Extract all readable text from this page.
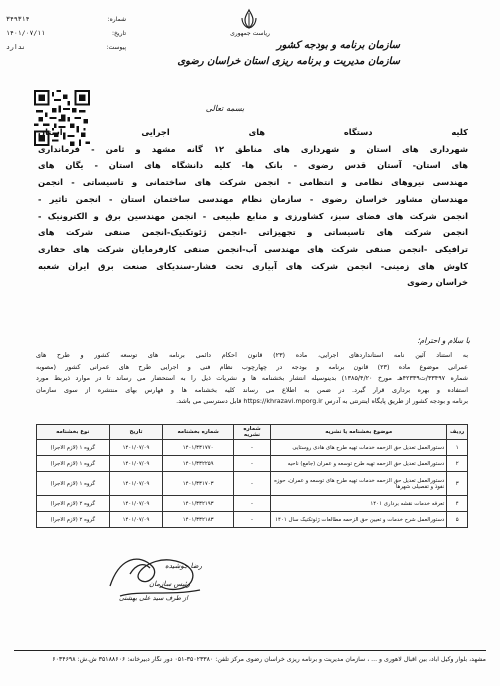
ریاست جمهوری
سازمان برنامه و بودجه کشور
سازمان مدیریت و برنامه ریزی استان خراسان رضوی
شماره:
۳۴۹۳۱۴
تاریخ:
۱۴۰۱/۰۷/۱۱
پیوست:
ندارد
بسمه تعالی
کلیه دستگاه های اجرایی استان
شهرداری های استان و شهرداری های مناطق ۱۲ گانه مشهد و ثامن - فرمانداری
های استان- آستان قدس رضوی - بانک ها- کلیه دانشگاه های استان - یگان های
مهندسی نیروهای نظامی و انتظامی - انجمن شرکت های ساختمانی و تاسیساتی - انجمن
مهندسان مشاور خراسان رضوی - سازمان نظام مهندسی ساختمان استان - انجمن تاثیر -
انجمن شرکت های فضای سبز، کشاورزی و منابع طبیعی - انجمن مهندسین برق و الکترونیک -
انجمن شرکت های تاسیساتی و تجهیزاتی -انجمن ژئوتکنیک-انجمن صنفی شرکت های
ترافیکی -انجمن صنفی شرکت های مهندسی آب-انجمن صنفی کارفرمایان شرکت های حفاری
کاوش های زمینی- انجمن شرکت های آبیاری تحت فشار-سندیکای صنعت برق ایران شعبه
خراسان رضوی
با سلام و احترام؛
به استناد آئین نامه استانداردهای اجرایی، ماده (۲۳) قانون احکام دائمی برنامه های توسعه کشور و طرح های
عمرانی موضوع ماده (۲۳) قانون برنامه و بودجه در چهارچوب نظام فنی و اجرایی طرح های عمرانی کشور (مصوبه
شماره ۳۳۴۹۷/ت۴۲۳۳۹هـ مورخ ۱۳۸۵/۴/۲۰) بدینوسیله انتشار بخشنامه ها و نشریات ذیل را به استحضار می رساند تا در موارد ذیربط مورد
استفاده و بهره برداری قرار گیرد. در ضمن به اطلاع می رساند کلیه بخشنامه ها و فهارس بهای منتشره از سوی سازمان
برنامه و بودجه کشور از طریق پایگاه اینترنتی به آدرس https://khrazavi.mporg.ir قابل دسترسی می باشد.
ردیف	موضوع بخشنامه یا نشریه	شماره نشریه	شماره بخشنامه	تاریخ	نوع بخشنامه
۱	دستورالعمل تعدیل حق الزحمه خدمات تهیه طرح های هادی روستایی	-	۱۴۰۱/۳۳۱۷۷۰	۱۴۰۱/۰۷/۰۹	گروه ۱ (لازم الاجرا)
۲	دستورالعمل تعدیل حق الزحمه تهیه طرح توسعه و عمران (جامع) ناحیه	-	۱۴۰۱/۳۳۲۲۵۹	۱۴۰۱/۰۷/۰۹	گروه ۱ (لازم الاجرا)
۳	دستورالعمل تعدیل حق الزحمه خدمات تهیه طرح های توسعه و عمران، حوزه نفوذ و تفصیلی شهرها	-	۱۴۰۱/۳۳۱۷۰۳	۱۴۰۱/۰۷/۰۹	گروه ۱ (لازم الاجرا)
۴	تعرفه خدمات نقشه برداری ۱۴۰۱	-	۱۴۰۱/۳۳۲۱۹۳	۱۴۰۱/۰۷/۰۹	گروه ۲ (لازم الاجرا)
۵	دستورالعمل شرح خدمات و تعیین حق الزحمه مطالعات ژئوتکنیک سال ۱۴۰۱	-	۱۴۰۱/۳۳۲۱۸۳	۱۴۰۱/۰۷/۰۹	گروه ۲ (لازم الاجرا)
رضا جوشیده
رئیس سازمان
از طرف سید علی بهشتی
مشهد، بلوار وکیل آباد، بین اقبال لاهوری و ... ، سازمان مدیریت و برنامه ریزی خراسان رضوی مرکز تلفن: ۳۵۰۲۳۳۸۰-۰۵۱ دور نگار دبیرخانه: ۳۵۱۸۸۶۰۶ ش.ش: ۶۰۳۴۶۹۸
